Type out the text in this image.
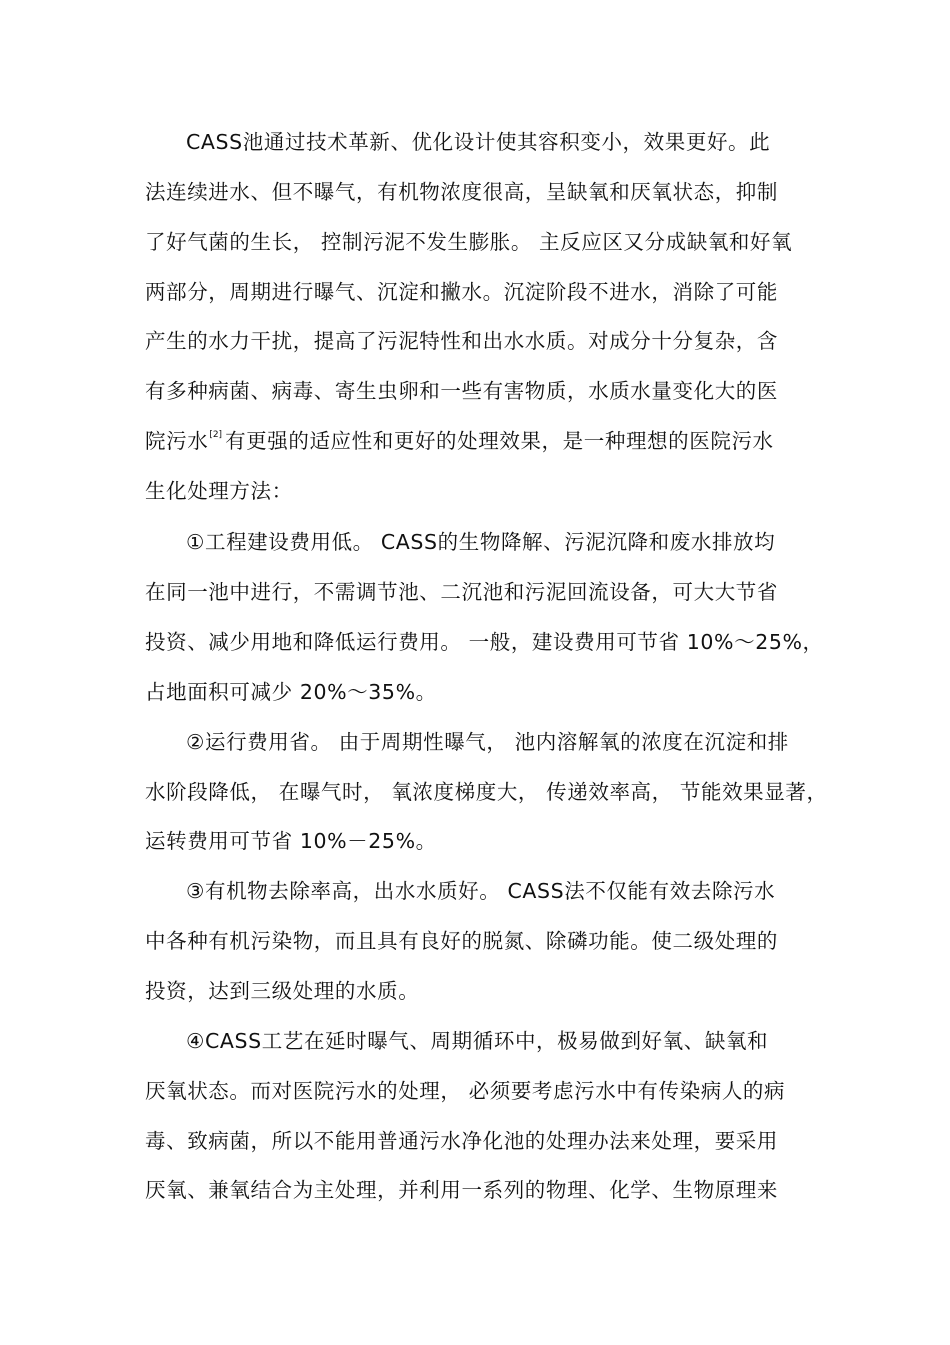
CASS池通过技术革新、优化设计使其容积变小，效果更好。此
法连续进水、但不曝气，有机物浓度很高，呈缺氧和厌氧状态，抑制
了好气菌的生长， 控制污泥不发生膨胀。 主反应区又分成缺氧和好氧
两部分，周期进行曝气、沉淀和撇水。沉淀阶段不进水，消除了可能
产生的水力干扰，提高了污泥特性和出水水质。对成分十分复杂，含
有多种病菌、病毒、寄生虫卵和一些有害物质，水质水量变化大的医
院污水[2] 有更强的适应性和更好的处理效果，是一种理想的医院污水
生化处理方法：
①工程建设费用低。 CASS的生物降解、污泥沉降和废水排放均
在同一池中进行，不需调节池、二沉池和污泥回流设备，可大大节省
投资、减少用地和降低运行费用。 一般，建设费用可节省 10%～25%，
占地面积可减少 20%～35%。
②运行费用省。 由于周期性曝气， 池内溶解氧的浓度在沉淀和排
水阶段降低， 在曝气时， 氧浓度梯度大， 传递效率高， 节能效果显著，
运转费用可节省 10%－25%。
③有机物去除率高，出水水质好。 CASS法不仅能有效去除污水
中各种有机污染物，而且具有良好的脱氮、除磷功能。使二级处理的
投资，达到三级处理的水质。
④CASS工艺在延时曝气、周期循环中，极易做到好氧、缺氧和
厌氧状态。而对医院污水的处理， 必须要考虑污水中有传染病人的病
毒、致病菌，所以不能用普通污水净化池的处理办法来处理，要采用
厌氧、兼氧结合为主处理，并利用一系列的物理、化学、生物原理来
